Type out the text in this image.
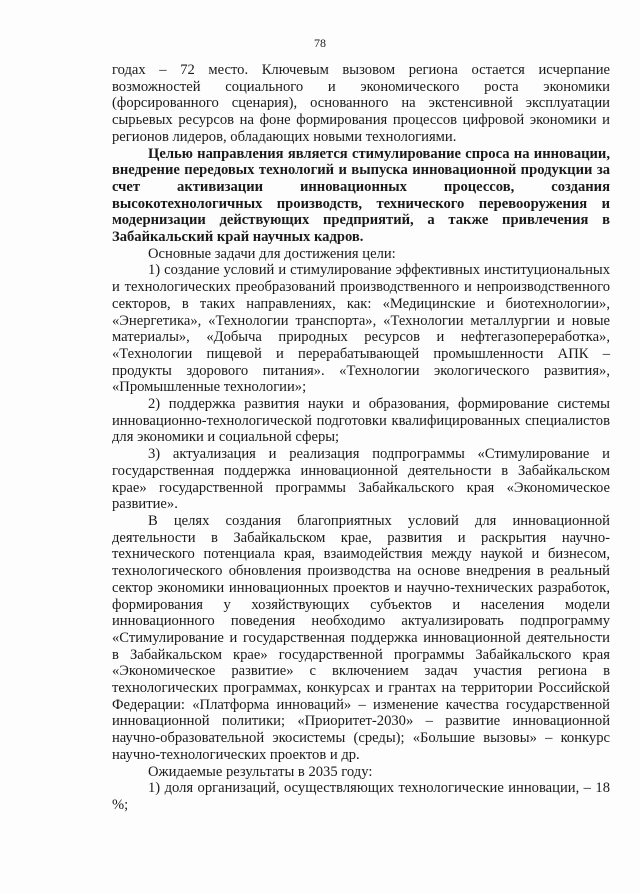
78

годах – 72 место. Ключевым вызовом региона остается исчерпание возможностей социального и экономического роста экономики (форсированного сценария), основанного на экстенсивной эксплуатации сырьевых ресурсов на фоне формирования процессов цифровой экономики и регионов лидеров, обладающих новыми технологиями.

Целью направления является стимулирование спроса на инновации, внедрение передовых технологий и выпуска инновационной продукции за счет активизации инновационных процессов, создания высокотехнологичных производств, технического перевооружения и модернизации действующих предприятий, а также привлечения в Забайкальский край научных кадров.

Основные задачи для достижения цели:

1) создание условий и стимулирование эффективных институциональных и технологических преобразований производственного и непроизводственного секторов, в таких направлениях, как: «Медицинские и биотехнологии», «Энергетика», «Технологии транспорта», «Технологии металлургии и новые материалы», «Добыча природных ресурсов и нефтегазопереработка», «Технологии пищевой и перерабатывающей промышленности АПК – продукты здорового питания». «Технологии экологического развития», «Промышленные технологии»;

2) поддержка развития науки и образования, формирование системы инновационно-технологической подготовки квалифицированных специалистов для экономики и социальной сферы;

3) актуализация и реализация подпрограммы «Стимулирование и государственная поддержка инновационной деятельности в Забайкальском крае» государственной программы Забайкальского края «Экономическое развитие».

В целях создания благоприятных условий для инновационной деятельности в Забайкальском крае, развития и раскрытия научно-технического потенциала края, взаимодействия между наукой и бизнесом, технологического обновления производства на основе внедрения в реальный сектор экономики инновационных проектов и научно-технических разработок, формирования у хозяйствующих субъектов и населения модели инновационного поведения необходимо актуализировать подпрограмму «Стимулирование и государственная поддержка инновационной деятельности в Забайкальском крае» государственной программы Забайкальского края «Экономическое развитие» с включением задач участия региона в технологических программах, конкурсах и грантах на территории Российской Федерации: «Платформа инноваций» – изменение качества государственной инновационной политики; «Приоритет-2030» – развитие инновационной научно-образовательной экосистемы (среды); «Большие вызовы» – конкурс научно-технологических проектов и др.

Ожидаемые результаты в 2035 году:

1) доля организаций, осуществляющих технологические инновации, – 18 %;
